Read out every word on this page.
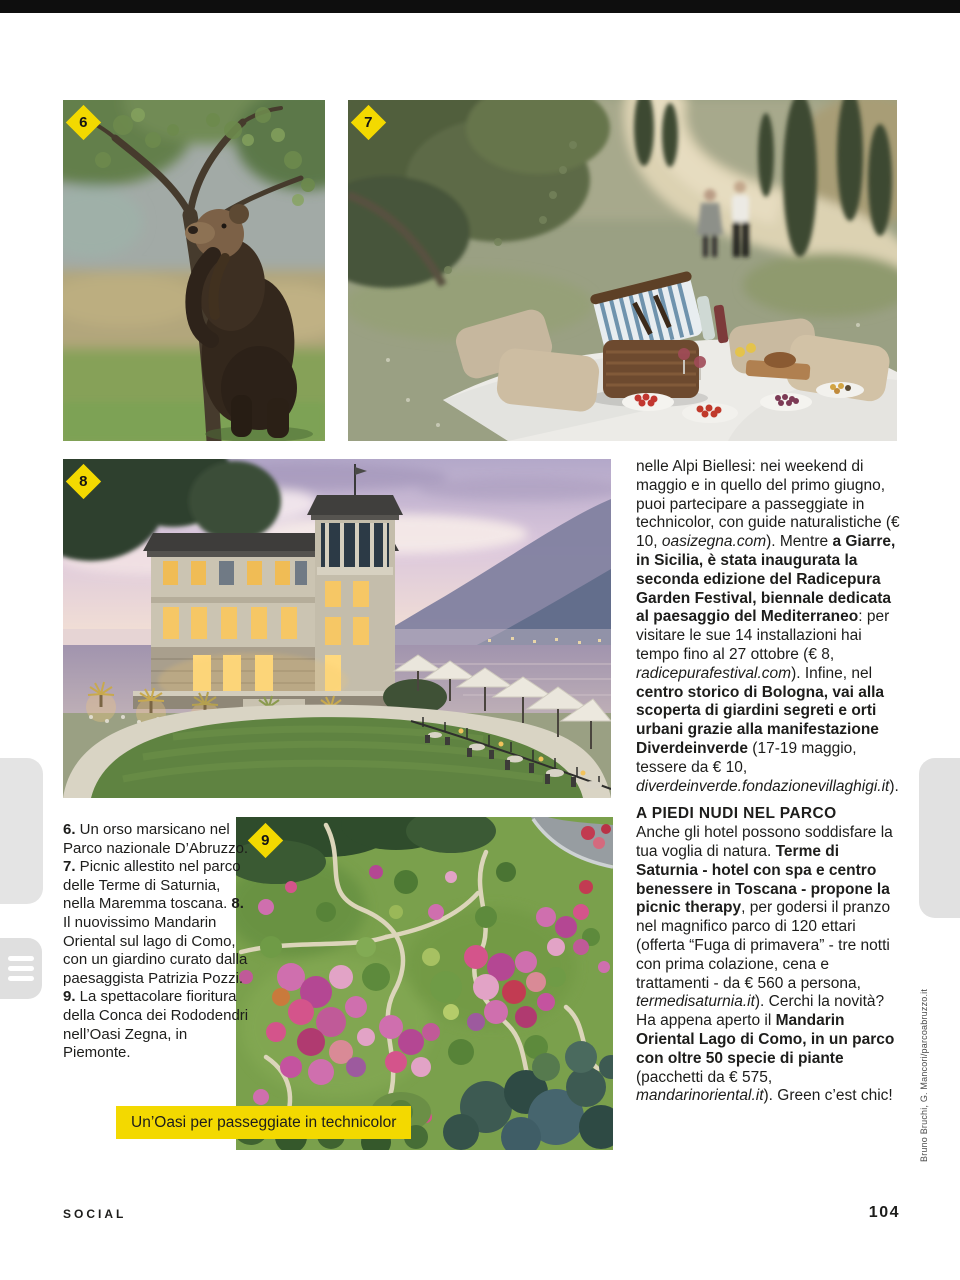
6	7
8
9

nelle Alpi Biellesi: nei weekend di maggio e in quello del primo giugno, puoi partecipare a passeggiate in technicolor, con guide naturalistiche (€ 10, oasizegna.com). Mentre a Giarre, in Sicilia, è stata inaugurata la seconda edizione del Radicepura Garden Festival, biennale dedicata al paesaggio del Mediterraneo: per visitare le sue 14 installazioni hai tempo fino al 27 ottobre (€ 8, radicepurafestival.com). Infine, nel centro storico di Bologna, vai alla scoperta di giardini segreti e orti urbani grazie alla manifestazione Diverdeinverde (17-19 maggio, tessere da € 10, diverdeinverde.fondazionevillaghigi.it).

A PIEDI NUDI NEL PARCO

Anche gli hotel possono soddisfare la tua voglia di natura. Terme di Saturnia - hotel con spa e centro benessere in Toscana - propone la picnic therapy, per godersi il pranzo nel magnifico parco di 120 ettari (offerta “Fuga di primavera” - tre notti con prima colazione, cena e trattamenti - da € 560 a persona, termedisaturnia.it). Cerchi la novità? Ha appena aperto il Mandarin Oriental Lago di Como, in un parco con oltre 50 specie di piante (pacchetti da € 575, mandarinoriental.it). Green c’est chic!

6. Un orso marsicano nel Parco nazionale D’Abruzzo. 7. Picnic allestito nel parco delle Terme di Saturnia, nella Maremma toscana. 8. Il nuovissimo Mandarin Oriental sul lago di Como, con un giardino curato dalla paesaggista Patrizia Pozzi. 9. La spettacolare fioritura della Conca dei Rododendri nell’Oasi Zegna, in Piemonte.
Un’Oasi per passeggiate in technicolor
SOCIAL	104
Bruno Bruchi, G. Mancori/parcoabruzzo.it
